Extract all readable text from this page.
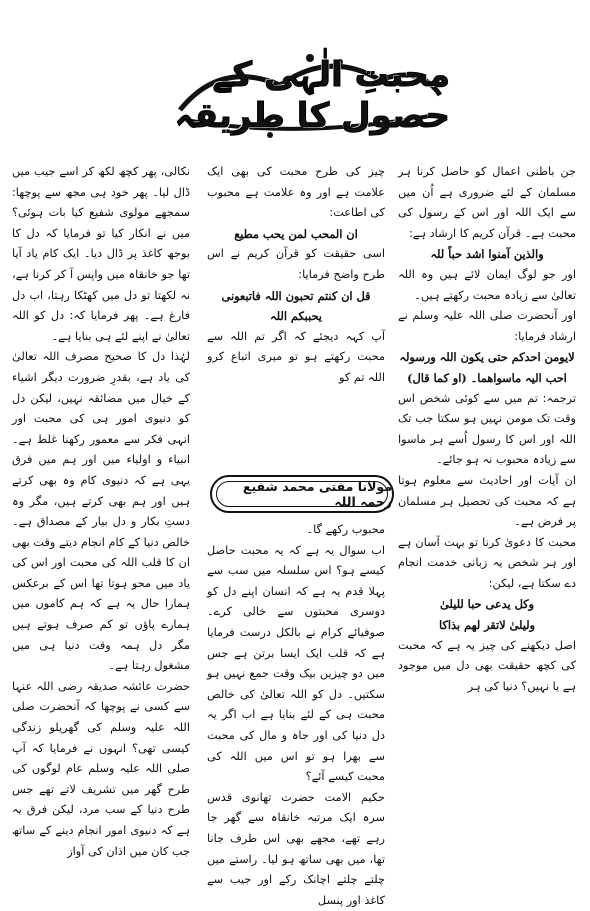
محبتِ الٰہی کے حصول کا طریقہ

جن باطنی اعمال کو حاصل کرنا ہر مسلمان کے لئے ضروری ہے اُن میں سے ایک اللہ اور اس کے رسول کی محبت ہے۔ قرآن کریم کا ارشاد ہے:

والذین آمنوا اشد حباً للہ

اور جو لوگ ایمان لائے ہیں وہ اللہ تعالیٰ سے زیادہ محبت رکھتے ہیں۔

اور آنحضرت صلی اللہ علیہ وسلم نے ارشاد فرمایا:

لایومن احدکم حتی یکون اللہ ورسولہ احب الیہ ماسواھما۔ (او کما قال)

ترجمہ: تم میں سے کوئی شخص اس وقت تک مومن نہیں ہو سکتا جب تک اللہ اور اس کا رسول اُسے ہر ماسوا سے زیادہ محبوب نہ ہو جائے۔

ان آیات اور احادیث سے معلوم ہوتا ہے کہ محبت کی تحصیل ہر مسلمان پر فرض ہے۔

محبت کا دعویٰ کرنا تو بہت آسان ہے اور ہر شخص یہ زبانی خدمت انجام دے سکتا ہے، لیکن:

وکل یدعی حبا للیلیٰ

ولیلیٰ لاتقر لھم بذاکا

اصل دیکھنے کی چیز یہ ہے کہ محبت کی کچھ حقیقت بھی دل میں موجود ہے یا نہیں؟ دنیا کی ہر

چیز کی طرح محبت کی بھی ایک علامت ہے اور وہ علامت ہے محبوب کی اطاعت:

ان المحب لمن یحب مطیع

اسی حقیقت کو قرآن کریم نے اس طرح واضح فرمایا:

قل ان کنتم تحبون اللہ فاتبعونی یحببکم اللہ

آپ کہہ دیجئے کہ اگر تم اللہ سے محبت رکھتے ہو تو میری اتباع کرو اللہ تم کو

مولانا مفتی محمد شفیع رحمہ اللہ

محبوب رکھے گا۔

اب سوال یہ ہے کہ یہ محبت حاصل کیسے ہو؟ اس سلسلہ میں سب سے پہلا قدم یہ ہے کہ انسان اپنے دل کو دوسری محبتوں سے خالی کرے۔ صوفیائے کرام نے بالکل درست فرمایا ہے کہ قلب ایک ایسا برتن ہے جس میں دو چیزیں بیک وقت جمع نہیں ہو سکتیں۔ دل کو اللہ تعالیٰ کی خالص محبت ہی کے لئے بنایا ہے اب اگر یہ دل دنیا کی اور جاہ و مال کی محبت سے بھرا ہو تو اس میں اللہ کی محبت کیسے آئے؟

حکیم الامت حضرت تھانوی قدس سرہ ایک مرتبہ خانقاہ سے گھر جا رہے تھے، مجھے بھی اس طرف جانا تھا، میں بھی ساتھ ہو لیا۔ راستے میں چلتے چلتے اچانک رکے اور جیب سے کاغذ اور پنسل

نکالی، پھر کچھ لکھ کر اسے جیب میں ڈال لیا۔ پھر خود ہی مجھ سے پوچھا: سمجھے مولوی شفیع کیا بات ہوئی؟ میں نے انکار کیا تو فرمایا کہ دل کا بوجھ کاغذ پر ڈال دیا۔ ایک کام یاد آیا تھا جو خانقاہ میں واپس آ کر کرنا ہے، نہ لکھتا تو دل میں کھٹکا رہتا، اب دل فارغ ہے۔ پھر فرمایا کہ: دل کو اللہ تعالیٰ نے اپنے لئے ہی بنایا ہے۔

لہٰذا دل کا صحیح مصرف اللہ تعالیٰ کی یاد ہے، بقدرِ ضرورت دیگر اشیاء کے خیال میں مضائقہ نہیں، لیکن دل کو دنیوی امور ہی کی محبت اور انہی فکر سے معمور رکھنا غلط ہے۔ انبیاء و اولیاء میں اور ہم میں فرق یہی ہے کہ دنیوی کام وہ بھی کرتے ہیں اور ہم بھی کرتے ہیں، مگر وہ دستِ بکار و دل بیار کے مصداق ہے۔ خالص دنیا کے کام انجام دیتے وقت بھی ان کا قلب اللہ کی محبت اور اس کی یاد میں محو ہوتا تھا اس کے برعکس ہمارا حال یہ ہے کہ ہم کاموں میں ہمارے پاؤں تو کم صرف ہوتے ہیں مگر دل ہمہ وقت دنیا ہی میں مشغول رہتا ہے۔

حضرت عائشہ صدیقہ رضی اللہ عنہا سے کسی نے پوچھا کہ آنحضرت صلی اللہ علیہ وسلم کی گھریلو زندگی کیسی تھی؟ انہوں نے فرمایا کہ آپ صلی اللہ علیہ وسلم عام لوگوں کی طرح گھر میں تشریف لاتے تھے جس طرح دنیا کے سب مرد، لیکن فرق یہ ہے کہ دنیوی امور انجام دینے کے ساتھ جب کان میں اذان کی آواز
